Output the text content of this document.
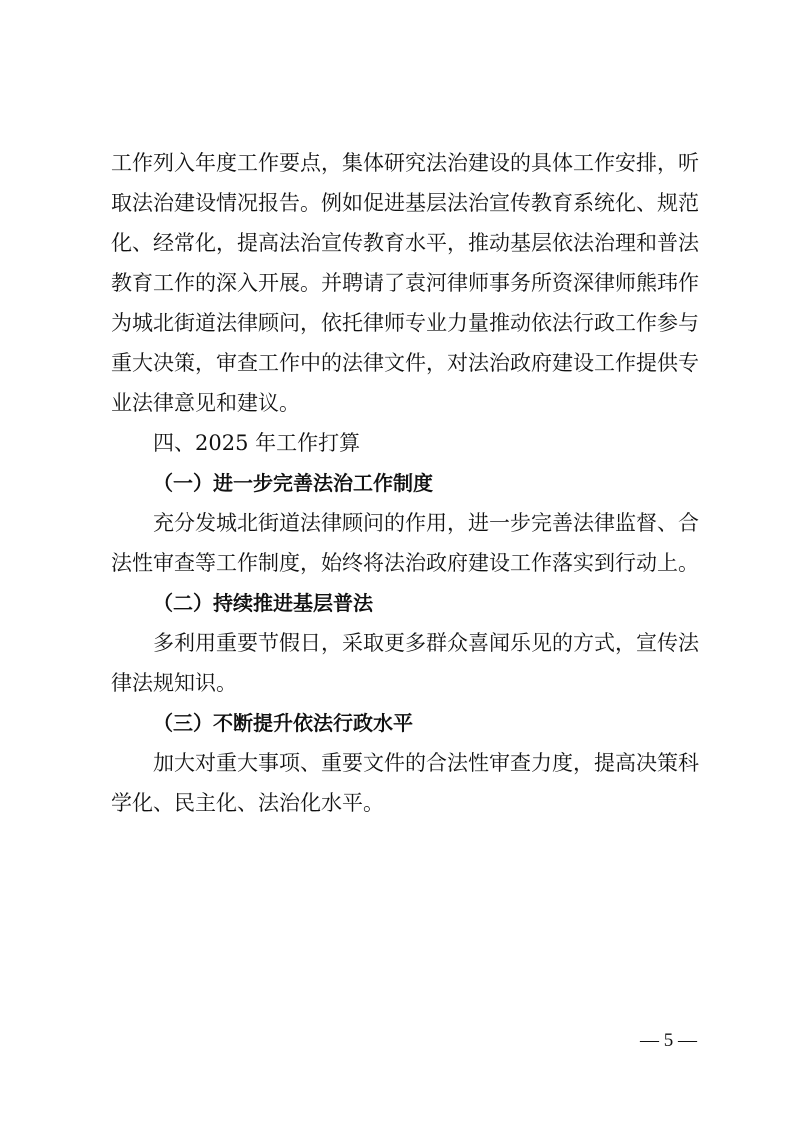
工 作 列 入 年 度 工 作 要 点 ， 集 体 研 究 法 治 建 设 的 具 体 工 作 安 排 ， 听
取 法 治 建 设 情 况 报 告 。 例 如 促 进 基 层 法 治 宣 传 教 育 系 统 化 、 规 范
化 、 经 常 化 ， 提 高 法 治 宣 传 教 育 水 平 ， 推 动 基 层 依 法 治 理 和 普 法
教 育 工 作 的 深 入 开 展 。 并 聘 请 了 袁 河 律 师 事 务 所 资 深 律 师 熊 玮 作
为 城 北 街 道 法 律 顾 问 ， 依 托 律 师 专 业 力 量 推 动 依 法 行 政 工 作 参 与
重 大 决 策 ， 审 查 工 作 中 的 法 律 文 件 ， 对 法 治 政 府 建 设 工 作 提 供 专
业法律意见和建议。
四、2025 年工作打算
（一）进一步完善法治工作制度
充 分 发 城 北 街 道 法 律 顾 问 的 作 用 ， 进 一 步 完 善 法 律 监 督 、 合
法性审查等工作制度，始终将法治政府建设工作落实到行动上。
（二）持续推进基层普法
多 利 用 重 要 节 假 日 ， 采 取 更 多 群 众 喜 闻 乐 见 的 方 式 ， 宣 传 法
律法规知识。
（三）不断提升依法行政水平
加 大 对 重 大 事 项 、 重 要 文 件 的 合 法 性 审 查 力 度 ， 提 高 决 策 科
学化、民主化、法治化水平。
— 5 —
